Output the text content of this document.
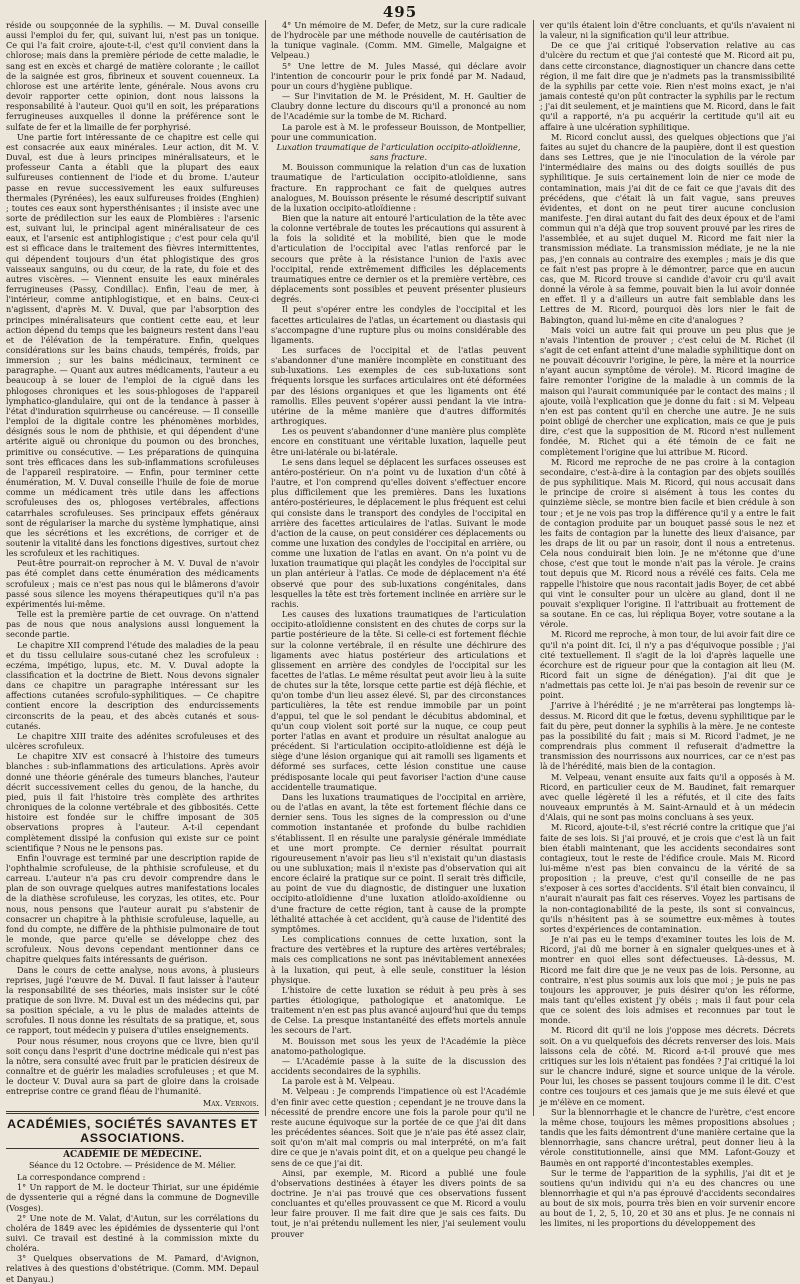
495

réside ou soupçonnée de la syphilis. — M. Duval conseille aussi l'emploi du fer, qui, suivant lui, n'est pas un tonique. Ce qui l'a fait croire, ajoute-t-il, c'est qu'il convient dans la chlorose; mais dans la première période de cette maladie, le sang est en excès et chargé de matière colorante ; le caillot de la saignée est gros, fibrineux et souvent couenneux. La chlorose est une artérite lente, générale. Nous avons cru devoir rapporter cette opinion, dont nous laissons la responsabilité à l'auteur. Quoi qu'il en soit, les préparations ferrugineuses auxquelles il donne la préférence sont le sulfate de fer et la limaille de fer porphyrisé.

Une partie fort intéressante de ce chapitre est celle qui est consacrée aux eaux minérales. Leur action, dit M. V. Duval, est due à leurs principes minéralisateurs, et le professeur Canta a établi que la plupart des eaux sulfureuses contiennent de l'iode et du brome. L'auteur passe en revue successivement les eaux sulfureuses thermales (Pyrénées), les eaux sulfureuses froides (Enghien) ; toutes ces eaux sont hypersthénisantes ; il insiste avec une sorte de prédilection sur les eaux de Plombières : l'arsenic est, suivant lui, le principal agent minéralisateur de ces eaux, et l'arsenic est antiphlogistique ; c'est pour cela qu'il est si efficace dans le traitement des fièvres intermittentes, qui dépendent toujours d'un état phlogistique des gros vaisseaux sanguins, ou du cœur, de la rate, du foie et des autres viscères. — Viennent ensuite les eaux minérales ferrugineuses (Passy, Condillac). Enfin, l'eau de mer, à l'intérieur, comme antiphlogistique, et en bains. Ceux-ci n'agissent, d'après M. V. Duval, que par l'absorption des principes minéralisateurs que contient cette eau, et leur action dépend du temps que les baigneurs restent dans l'eau et de l'élévation de la température. Enfin, quelques considérations sur les bains chauds, tempérés, froids, par immersion ; sur les bains médicinaux, terminent ce paragraphe. — Quant aux autres médicaments, l'auteur a eu beaucoup à se louer de l'emploi de la ciguë dans les phlogoses chroniques et les sous-phlogoses de l'appareil lymphatico-glandulaire, qui ont de la tendance à passer à l'état d'induration squirrheuse ou cancéreuse. — Il conseille l'emploi de la digitale contre les phénomènes morbides, désignés sous le nom de phthisie, et qui dépendent d'une artérite aiguë ou chronique du poumon ou des bronches, primitive ou consécutive. — Les préparations de quinquina sont très efficaces dans les sub-inflammations scrofuleuses de l'appareil respiratoire. — Enfin, pour terminer cette énumération, M. V. Duval conseille l'huile de foie de morue comme un médicament très utile dans les affections scrofuleuses des os, phlogoses vertébrales, affections catarrhales scrofuleuses. Ses principaux effets généraux sont de régulariser la marche du système lymphatique, ainsi que les sécrétions et les excrétions, de corriger et de soutenir la vitalité dans les fonctions digestives, surtout chez les scrofuleux et les rachitiques.

Peut-être pourrait-on reprocher à M. V. Duval de n'avoir pas été complet dans cette énumération des médicaments scrofuleux ; mais ce n'est pas nous qui le blâmerons d'avoir passé sous silence les moyens thérapeutiques qu'il n'a pas expérimentés lui-même.

Telle est la première partie de cet ouvrage. On n'attend pas de nous que nous analysions aussi longuement la seconde partie.

Le chapitre XII comprend l'étude des maladies de la peau et du tissu cellulaire sous-cutané chez les scrofuleux : eczéma, impétigo, lupus, etc. M. V. Duval adopte la classification et la doctrine de Biett. Nous devons signaler dans ce chapitre un paragraphe intéressant sur les affections cutanées scrofulo-syphilitiques. — Ce chapitre contient encore la description des endurcissements circonscrits de la peau, et des abcès cutanés et sous-cutanés.

Le chapitre XIII traite des adénites scrofuleuses et des ulcères scrofuleux.

Le chapitre XIV est consacré à l'histoire des tumeurs blanches : sub-inflammations des articulations. Après avoir donné une théorie générale des tumeurs blanches, l'auteur décrit successivement celles du genou, de la hanche, du pied, puis il fait l'histoire très complète des arthrites chroniques de la colonne vertébrale et des gibbosités. Cette histoire est fondée sur le chiffre imposant de 305 observations propres à l'auteur. A-t-il cependant complètement dissipé la confusion qui existe sur ce point scientifique ? Nous ne le pensons pas.

Enfin l'ouvrage est terminé par une description rapide de l'ophthalmie scrofuleuse, de la phthisie scrofuleuse, et du carreau. L'auteur n'a pas cru devoir comprendre dans le plan de son ouvrage quelques autres manifestations locales de la diathèse scrofuleuse, les coryzas, les otites, etc. Pour nous, nous pensons que l'auteur aurait pu s'abstenir de consacrer un chapitre à la phthisie scrofuleuse, laquelle, au fond du compte, ne diffère de la phthisie pulmonaire de tout le monde, que parce qu'elle se développe chez des scrofuleux. Nous devons cependant mentionner dans ce chapitre quelques faits intéressants de guérison.

Dans le cours de cette analyse, nous avons, à plusieurs reprises, jugé l'œuvre de M. Duval. Il faut laisser à l'auteur la responsabilité de ses théories, mais insister sur le côté pratique de son livre. M. Duval est un des médecins qui, par sa position spéciale, a vu le plus de malades atteints de scrofules. Il nous donne les résultats de sa pratique, et, sous ce rapport, tout médecin y puisera d'utiles enseignements.

Pour nous résumer, nous croyons que ce livre, bien qu'il soit conçu dans l'esprit d'une doctrine médicale qui n'est pas la nôtre, sera consulté avec fruit par le praticien désireux de connaître et de guérir les maladies scrofuleuses ; et que M. le docteur V. Duval aura sa part de gloire dans la croisade entreprise contre ce grand fléau de l'humanité.

Max. Vernois.
ACADÉMIES, SOCIÉTÉS SAVANTES ET ASSOCIATIONS.
ACADÉMIE DE MÉDECINE.
Séance du 12 Octobre. — Présidence de M. Mélier.

La correspondance comprend :

1° Un rapport de M. le docteur Thiriat, sur une épidémie de dyssenterie qui a régné dans la commune de Dogneville (Vosges).

2° Une note de M. Valat, d'Autun, sur les corrélations du choléra de 1849 avec les épidémies de dyssenterie qui l'ont suivi. Ce travail est destiné à la commission mixte du choléra.

3° Quelques observations de M. Pamard, d'Avignon, relatives à des questions d'obstétrique. (Comm. MM. Depaul et Danyau.)

4° Un mémoire de M. Defer, de Metz, sur la cure radicale de l'hydrocèle par une méthode nouvelle de cautérisation de la tunique vaginale. (Comm. MM. Gimelle, Malgaigne et Velpeau.)

5° Une lettre de M. Jules Massé, qui déclare avoir l'intention de concourir pour le prix fondé par M. Nadaud, pour un cours d'hygiène publique.

— Sur l'invitation de M. le Président, M. H. Gaultier de Claubry donne lecture du discours qu'il a prononcé au nom de l'Académie sur la tombe de M. Richard.

La parole est à M. le professeur Bouisson, de Montpellier, pour une communication.

Luxation traumatique de l'articulation occipito-atloïdienne, sans fracture.

M. Bouisson communique la relation d'un cas de luxation traumatique de l'articulation occipito-atloïdienne, sans fracture. En rapprochant ce fait de quelques autres analogues, M. Bouisson présente le résumé descriptif suivant de la luxation occipito-atloïdienne :

Bien que la nature ait entouré l'articulation de la tête avec la colonne vertébrale de toutes les précautions qui assurent à la fois la solidité et la mobilité, bien que le mode d'articulation de l'occipital avec l'atlas renforcé par le secours que prête à la résistance l'union de l'axis avec l'occipital, rende extrêmement difficiles les déplacements traumatiques entre ce dernier os et la première vertèbre, ces déplacements sont possibles et peuvent présenter plusieurs degrés.

Il peut s'opérer entre les condyles de l'occipital et les facettes articulaires de l'atlas, un écartement ou diastasis qui s'accompagne d'une rupture plus ou moins considérable des ligaments.

Les surfaces de l'occipital et de l'atlas peuvent s'abandonner d'une manière incomplète en constituant des sub-luxations. Les exemples de ces sub-luxations sont fréquents lorsque les surfaces articulaires ont été déformées par des lésions organiques et que les ligaments ont été ramollis. Elles peuvent s'opérer aussi pendant la vie intra-utérine de la même manière que d'autres difformités arthrogiques.

Les os peuvent s'abandonner d'une manière plus complète encore en constituant une véritable luxation, laquelle peut être uni-latérale ou bi-latérale.

Le sens dans lequel se déplacent les surfaces osseuses est antéro-postérieur. On n'a point vu de luxation d'un côté à l'autre, et l'on comprend qu'elles doivent s'effectuer encore plus difficilement que les premières. Dans les luxations antéro-postérieures, le déplacement le plus fréquent est celui qui consiste dans le transport des condyles de l'occipital en arrière des facettes articulaires de l'atlas. Suivant le mode d'action de la cause, on peut considérer ces déplacements ou comme une luxation des condyles de l'occipital en arrière, ou comme une luxation de l'atlas en avant. On n'a point vu de luxation traumatique qui plaçât les condyles de l'occipital sur un plan antérieur à l'atlas. Ce mode de déplacement n'a été observé que pour des sub-luxations congénitales, dans lesquelles la tête est très fortement inclinée en arrière sur le rachis.

Les causes des luxations traumatiques de l'articulation occipito-atloïdienne consistent en des chutes de corps sur la partie postérieure de la tête. Si celle-ci est fortement fléchie sur la colonne vertébrale, il en résulte une déchirure des ligaments avec hiatus postérieur des articulations et glissement en arrière des condyles de l'occipital sur les facettes de l'atlas. Le même résultat peut avoir lieu à la suite de chutes sur la tête, lorsque cette partie est déjà fléchie, et qu'on tombe d'un lieu assez élevé. Si, par des circonstances particulières, la tête est rendue immobile par un point d'appui, tel que le sol pendant le décubitus abdominal, et qu'un coup violent soit porté sur la nuque, ce coup peut porter l'atlas en avant et produire un résultat analogue au précédent. Si l'articulation occipito-atloïdienne est déjà le siège d'une lésion organique qui ait ramolli ses ligaments et déformé ses surfaces, cette lésion constitue une cause prédisposante locale qui peut favoriser l'action d'une cause accidentelle traumatique.

Dans les luxations traumatiques de l'occipital en arrière, ou de l'atlas en avant, la tête est fortement fléchie dans ce dernier sens. Tous les signes de la compression ou d'une commotion instantanée et profonde du bulbe rachidien s'établissent. Il en résulte une paralysie générale immédiate et une mort prompte. Ce dernier résultat pourrait rigoureusement n'avoir pas lieu s'il n'existait qu'un diastasis ou une subluxation; mais il n'existe pas d'observation qui ait encore éclairé la pratique sur ce point. Il serait très difficile, au point de vue du diagnostic, de distinguer une luxation occipito-atloïdienne d'une luxation atloïdo-axoïdienne ou d'une fracture de cette région, tant à cause de la prompte léthalité attachée à cet accident, qu'à cause de l'identité des symptômes.

Les complications connues de cette luxation, sont la fracture des vertèbres et la rupture des artères vertébrales; mais ces complications ne sont pas inévitablement annexées à la luxation, qui peut, à elle seule, constituer la lésion physique.

L'histoire de cette luxation se réduit à peu près à ses parties étiologique, pathologique et anatomique. Le traitement n'en est pas plus avancé aujourd'hui que du temps de Celse. La presque instantanéité des effets mortels annule les secours de l'art.

M. Bouisson met sous les yeux de l'Académie la pièce anatomo-pathologique.

— L'Académie passe à la suite de la discussion des accidents secondaires de la syphilis.

La parole est à M. Velpeau.

M. Velpeau : Je comprends l'impatience où est l'Académie d'en finir avec cette question ; cependant je ne trouve dans la nécessité de prendre encore une fois la parole pour qu'il ne reste aucune équivoque sur la portée de ce que j'ai dit dans les précédentes séances. Soit que je n'aie pas été assez clair, soit qu'on m'ait mal compris ou mal interprété, on m'a fait dire ce que je n'avais point dit, et on a quelque peu changé le sens de ce que j'ai dit.

Ainsi, par exemple, M. Ricord a publié une foule d'observations destinées à étayer les divers points de sa doctrine. Je n'ai pas trouvé que ces observations fussent concluantes et qu'elles prouvassent ce que M. Ricord a voulu leur faire prouver. Il me fait dire que je sais ces faits. Du tout, je n'ai prétendu nullement les nier, j'ai seulement voulu prouver

ver qu'ils étaient loin d'être concluants, et qu'ils n'avaient ni la valeur, ni la signification qu'il leur attribue.

De ce que j'ai critiqué l'observation relative au cas d'ulcère du rectum et que j'ai contesté que M. Ricord ait pu, dans cette circonstance, diagnostiquer un chancre dans cette région, il me fait dire que je n'admets pas la transmissibilité de la syphilis par cette voie. Rien n'est moins exact, je n'ai jamais contesté qu'on pût contracter la syphilis par le rectum ; j'ai dit seulement, et je maintiens que M. Ricord, dans le fait qu'il a rapporté, n'a pu acquérir la certitude qu'il ait eu affaire à une ulcération syphilitique.

M. Ricord conclut aussi, des quelques objections que j'ai faites au sujet du chancre de la paupière, dont il est question dans ses Lettres, que je nie l'inoculation de la vérole par l'intermédiaire des mains ou des doigts souillés de pus syphilitique. Je suis certainement loin de nier ce mode de contamination, mais j'ai dit de ce fait ce que j'avais dit des précédens, que c'était là un fait vague, sans preuves évidentes, et dont on ne peut tirer aucune conclusion manifeste. J'en dirai autant du fait des deux époux et de l'ami commun qui n'a déjà que trop souvent prouvé par les rires de l'assemblée, et au sujet duquel M. Ricord me fait nier la transmission médiate. La transmission médiate, je ne la nie pas, j'en connais au contraire des exemples ; mais je dis que ce fait n'est pas propre à le démontrer, parce que en aucun cas, que M. Ricord trouve si candide d'avoir cru qu'il avait donné la vérole à sa femme, pouvait bien la lui avoir donnée en effet. Il y a d'ailleurs un autre fait semblable dans les Lettres de M. Ricord, pourquoi dès lors nier le fait de Babington, quand lui-même en cite d'analogues ?

Mais voici un autre fait qui prouve un peu plus que je n'avais l'intention de prouver ; c'est celui de M. Richet (il s'agit de cet enfant atteint d'une maladie syphilitique dont on ne pouvait découvrir l'origine, le père, la mère et la nourrice n'ayant aucun symptôme de vérole). M. Ricord imagine de faire remonter l'origine de la maladie à un commis de la maison qui l'aurait communiquée par le contact des mains ; il ajoute, voilà l'explication que je donne du fait : si M. Velpeau n'en est pas content qu'il en cherche une autre. Je ne suis point obligé de chercher une explication, mais ce que je puis dire, c'est que la supposition de M. Ricord n'est nullement fondée, M. Richet qui a été témoin de ce fait ne complètement l'origine que lui attribue M. Ricord.

M. Ricord me reproche de ne pas croire à la contagion secondaire, c'est-à-dire à la contagion par des objets souillés de pus syphilitique. Mais M. Ricord, qui nous accusait dans le principe de croire si aisément à tous les contes du quinzième siècle, se montre bien facile et bien crédule à son tour ; et je ne vois pas trop la différence qu'il y a entre le fait de contagion produite par un bouquet passé sous le nez et les faits de contagion par la lunette des lieux d'aisance, par les draps de lit ou par un rasoir, dont il nous a entretenus. Cela nous conduirait bien loin. Je ne m'étonne que d'une chose, c'est que tout le monde n'ait pas la vérole. Je crains tout depuis que M. Ricord nous a révélé ces faits. Cela me rappelle l'histoire que nous racontait jadis Boyer, de cet abbé qui vint le consulter pour un ulcère au gland, dont il ne pouvait s'expliquer l'origine. Il l'attribuait au frottement de sa soutane. En ce cas, lui répliqua Boyer, votre soutane a la vérole.

M. Ricord me reproche, à mon tour, de lui avoir fait dire ce qu'il n'a point dit. Ici, il n'y a pas d'équivoque possible ; j'ai cité textuellement. Il s'agit de la loi d'après laquelle une écorchure est de rigueur pour que la contagion ait lieu (M. Ricord fait un signe de dénégation). J'ai dit que je n'admettais pas cette loi. Je n'ai pas besoin de revenir sur ce point.

J'arrive à l'hérédité ; je ne m'arrêterai pas longtemps là-dessus. M. Ricord dit que le fœtus, devenu syphilitique par le fait du père, peut donner la syphilis à la mère. Je ne conteste pas la possibilité du fait ; mais si M. Ricord l'admet, je ne comprendrais plus comment il refuserait d'admettre la transmission des nourrissons aux nourrices, car ce n'est pas là de l'hérédité, mais bien de la contagion.

M. Velpeau, venant ensuite aux faits qu'il a opposés à M. Ricord, en particulier ceux de M. Baudinet, fait remarquer avec quelle légèreté il les a réfutés, et il cite des faits nouveaux empruntés à M. Saint-Arnauld et à un médecin d'Alais, qui ne sont pas moins concluans à ses yeux.

M. Ricord, ajoute-t-il, s'est récrié contre la critique que j'ai faite de ses lois. Si j'ai prouvé, et je crois que c'est là un fait bien établi maintenant, que les accidents secondaires sont contagieux, tout le reste de l'édifice croule. Mais M. Ricord lui-même n'est pas bien convaincu de la vérité de sa proposition ; la preuve, c'est qu'il conseille de ne pas s'exposer à ces sortes d'accidents. S'il était bien convaincu, il n'aurait n'aurait pas fait ces réserves. Voyez les partisans de la non-contagionabilité de la peste, ils sont si convaincus, qu'ils n'hésitent pas à se soumettre eux-mêmes à toutes sortes d'expériences de contamination.

Je n'ai pas eu le temps d'examiner toutes les lois de M. Ricord, j'ai dû me borner à en signaler quelques-unes et à montrer en quoi elles sont défectueuses. Là-dessus, M. Ricord me fait dire que je ne veux pas de lois. Personne, au contraire, n'est plus soumis aux lois que moi ; je puis ne pas toujours les approuver, je puis désirer qu'on les réforme, mais tant qu'elles existent j'y obéis ; mais il faut pour cela que ce soient des lois admises et reconnues par tout le monde.

M. Ricord dit qu'il ne lois j'oppose mes décrets. Décrets soit. On a vu quelquefois des décrets renverser des lois. Mais laissons cela de côté. M. Ricord a-t-il prouvé que mes critiques sur les lois n'étaient pas fondées ? J'ai critiqué la loi sur le chancre induré, signe et source unique de la vérole. Pour lui, les choses se passent toujours comme il le dit. C'est contre ces toujours et ces jamais que je me suis élevé et que je m'élève en ce moment.

Sur la blennorrhagie et le chancre de l'urètre, c'est encore la même chose, toujours les mêmes propositions absolues ; tandis que les faits démontrent d'une manière certaine que la blennorrhagie, sans chancre urétral, peut donner lieu à la vérole constitutionnelle, ainsi que MM. Lafont-Gouzy et Baumès en ont rapporté d'incontestables exemples.

Sur le terme de l'apparition de la syphilis, j'ai dit et je soutiens qu'un individu qui n'a eu des chancres ou une blennorrhagie et qui n'a pas éprouvé d'accidents secondaires au bout de six mois, pourra très bien en voir survenir encore au bout de 1, 2, 5, 10, 20 et 30 ans et plus. Je ne connais ni les limites, ni les proportions du développement des
